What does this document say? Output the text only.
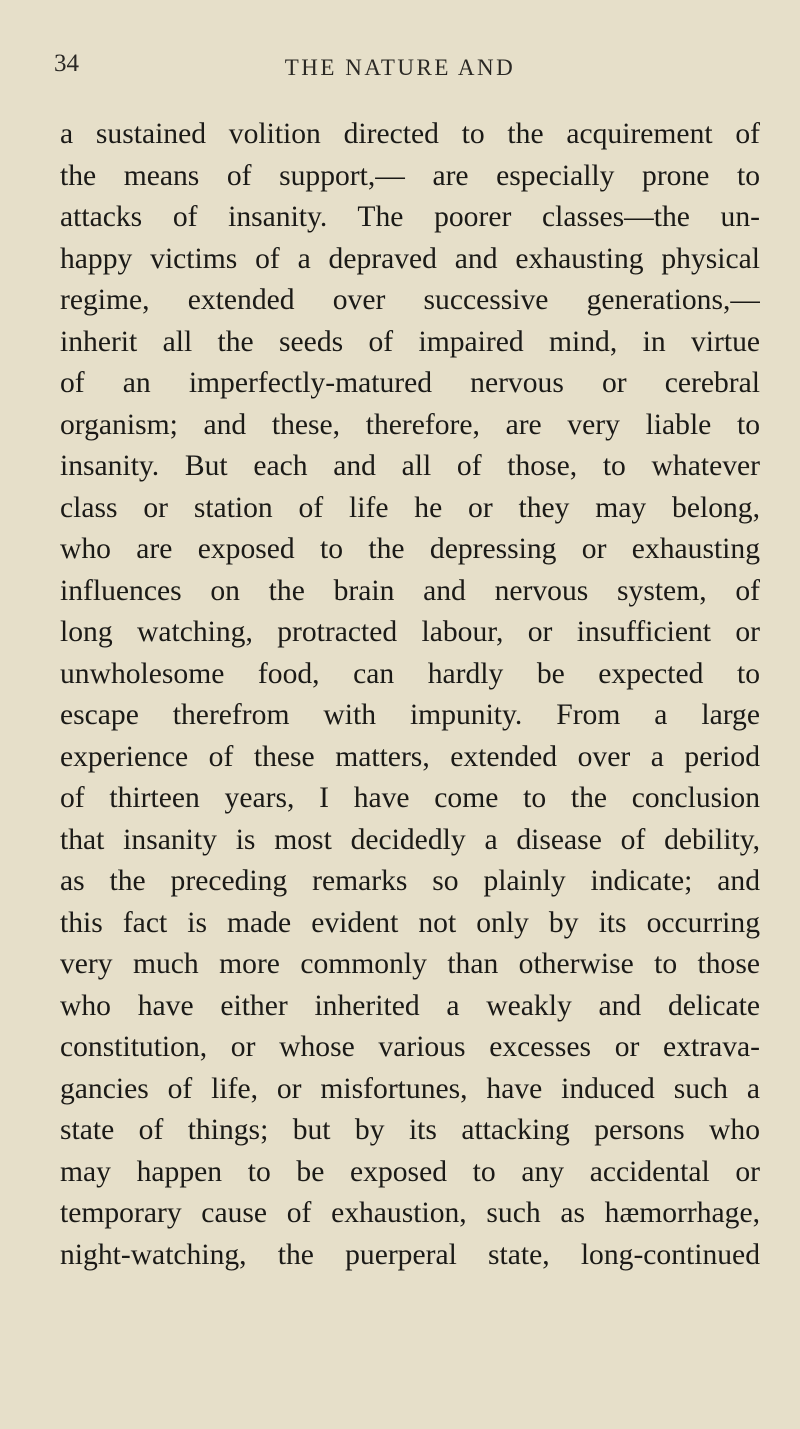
34	THE NATURE AND
a sustained volition directed to the acquirement of
the means of support,— are especially prone to
attacks of insanity. The poorer classes—the un-
happy victims of a depraved and exhausting physical
regime, extended over successive generations,—
inherit all the seeds of impaired mind, in virtue
of an imperfectly-matured nervous or cerebral
organism; and these, therefore, are very liable to
insanity. But each and all of those, to whatever
class or station of life he or they may belong,
who are exposed to the depressing or exhausting
influences on the brain and nervous system, of
long watching, protracted labour, or insufficient or
unwholesome food, can hardly be expected to
escape therefrom with impunity. From a large
experience of these matters, extended over a period
of thirteen years, I have come to the conclusion
that insanity is most decidedly a disease of debility,
as the preceding remarks so plainly indicate; and
this fact is made evident not only by its occurring
very much more commonly than otherwise to those
who have either inherited a weakly and delicate
constitution, or whose various excesses or extrava-
gancies of life, or misfortunes, have induced such a
state of things; but by its attacking persons who
may happen to be exposed to any accidental or
temporary cause of exhaustion, such as hæmorrhage,
night-watching, the puerperal state, long-continued
